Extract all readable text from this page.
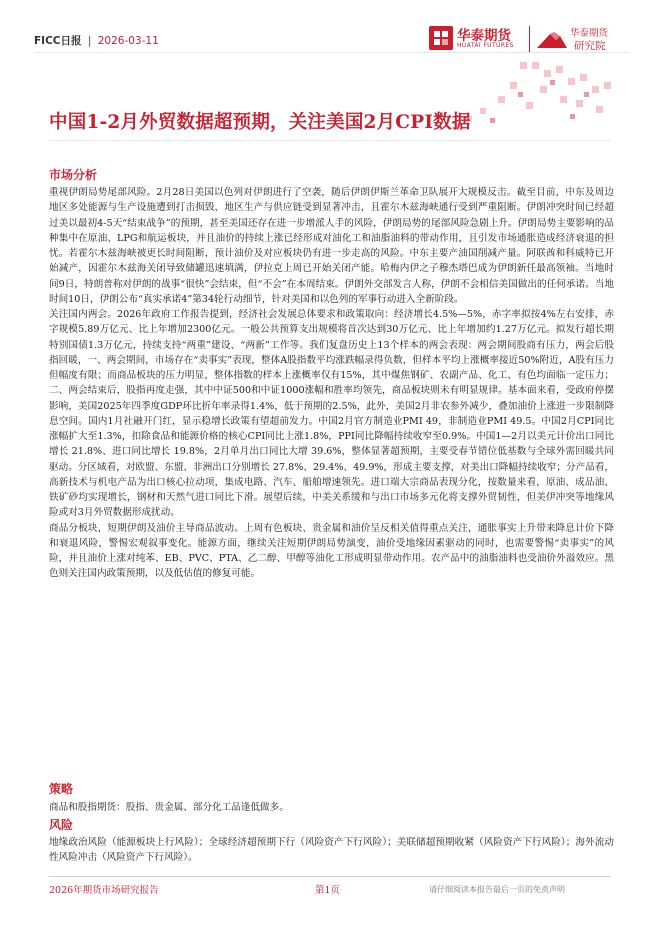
FICC日报 | 2026-03-11	华泰期货
HUATAI FUTURES
华泰期货
研究院
中国1-2月外贸数据超预期，关注美国2月CPI数据
市场分析

重视伊朗局势尾部风险。2月28日美国以色列对伊朗进行了空袭，随后伊朗伊斯兰革命卫队展开大规模反击。截至目前，中东及周边地区多处能源与生产设施遭到打击损毁，地区生产与供应链受到显著冲击，且霍尔木兹海峡通行受到严重阻断。伊朗冲突时间已经超过美以最初4-5天“结束战争”的预期，甚至美国还存在进一步增派人手的风险，伊朗局势的尾部风险急剧上升。伊朗局势主要影响的品种集中在原油、LPG和航运板块，并且油价的持续上涨已经形成对油化工和油脂油料的带动作用，且引发市场通胀造成经济衰退的担忧。若霍尔木兹海峡被更长时间阻断，预计油价及对应板块仍有进一步走高的风险。中东主要产油国削减产量。阿联酋和科威特已开始减产，因霍尔木兹海关闭导致储罐迅速填满，伊拉克上周已开始关闭产能。哈梅内伊之子穆杰塔巴成为伊朗新任最高领袖。当地时间9日，特朗普称对伊朗的战事“很快”会结束，但“不会”在本周结束。伊朗外交部发言人称，伊朗不会相信美国做出的任何承诺。当地时间10日，伊朗公布“真实承诺4”第34轮行动细节，针对美国和以色列的军事行动进入全新阶段。

关注国内两会。2026年政府工作报告提到，经济社会发展总体要求和政策取向：经济增长4.5%—5%，赤字率拟按4%左右安排，赤字规模5.89万亿元、比上年增加2300亿元。一般公共预算支出规模将首次达到30万亿元、比上年增加约1.27万亿元。拟发行超长期特别国债1.3万亿元，持续支持“两重”建设、“两新”工作等。我们复盘历史上13个样本的两会表现：两会期间股商有压力，两会后股指回暖，一、两会期间，市场存在“卖事实”表现，整体A股指数平均涨跌幅录得负数，但样本平均上涨概率接近50%附近，A股有压力但幅度有限；而商品板块的压力明显，整体指数的样本上涨概率仅有15%，其中煤焦钢矿、农副产品、化工、有色均面临一定压力；二、两会结束后，股指再度走强，其中中证500和中证1000涨幅和胜率均领先，商品板块则未有明显规律。基本面来看，受政府停摆影响，美国2025年四季度GDP环比折年率录得1.4%，低于预期的2.5%，此外，美国2月非农参外减少，叠加油价上涨进一步限制降息空间。国内1月社融开门红，显示稳增长政策有望超前发力。中国2月官方制造业PMI 49，非制造业PMI 49.5。中国2月CPI同比涨幅扩大至1.3%，扣除食品和能源价格的核心CPI同比上涨1.8%，PPI同比降幅持续收窄至0.9%。中国1—2月以美元计价出口同比增长 21.8%、进口同比增长 19.8%，2月单月出口同比大增 39.6%，整体显著超预期，主要受春节错位低基数与全球外需回暖共同驱动。分区域看，对欧盟、东盟、非洲出口分别增长 27.8%、29.4%、49.9%，形成主要支撑，对美出口降幅持续收窄；分产品看，高新技术与机电产品为出口核心拉动项，集成电路、汽车、船舶增速领先。进口端大宗商品表现分化，按数量来看，原油、成品油、铁矿砂均实现增长，钢材和天然气进口同比下滑。展望后续，中美关系缓和与出口市场多元化将支撑外贸韧性，但美伊冲突等地缘风险或对3月外贸数据形成扰动。

商品分板块，短期伊朗及油价主导商品波动。上周有色板块、贵金属和油价呈反相关值得重点关注，通胀事实上升带来降息计价下降和衰退风险，警惕宏观叙事变化。能源方面，继续关注短期伊朗局势演变，油价受地缘因素驱动的同时，也需要警惕“卖事实”的风险，并且油价上涨对纯苯、EB、PVC、PTA、乙二醇、甲醇等油化工形成明显带动作用。农产品中的油脂油料也受油价外溢效应。黑色则关注国内政策预期，以及低估值的修复可能。

策略
商品和股指期货：股指、贵金属、部分化工品逢低做多。
风险
地缘政治风险（能源板块上行风险）；全球经济超预期下行（风险资产下行风险）；美联储超预期收紧（风险资产下行风险）；海外流动性风险冲击（风险资产下行风险）。
2026年期货市场研究报告	第1页	请仔细阅读本报告最后一页的免责声明
